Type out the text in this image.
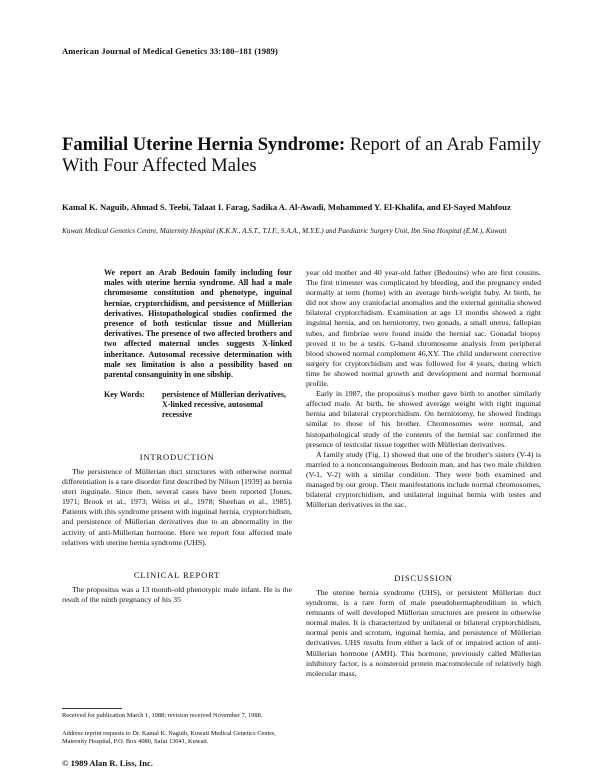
American Journal of Medical Genetics 33:180–181 (1989)
Familial Uterine Hernia Syndrome: Report of an Arab Family With Four Affected Males
Kamal K. Naguib, Ahmad S. Teebi, Talaat I. Farag, Sadika A. Al-Awadi, Mohammed Y. El-Khalifa, and El-Sayed Mahfouz
Kuwait Medical Genetics Centre, Maternity Hospital (K.K.N., A.S.T., T.I.F., S.A.A., M.Y.E.) and Paediatric Surgery Unit, Ibn Sina Hospital (E.M.), Kuwait
We report an Arab Bedouin family including four males with uterine hernia syndrome. All had a male chromosome constitution and phenotype, inguinal herniae, cryptorchidism, and persistence of Müllerian derivatives. Histopathological studies confirmed the presence of both testicular tissue and Müllerian derivatives. The presence of two affected brothers and two affected maternal uncles suggests X-linked inheritance. Autosomal recessive determination with male sex limitation is also a possibility based on parental consanguinity in one sibship.
Key Words: persistence of Müllerian derivatives, X-linked recessive, autosomal recessive
INTRODUCTION

The persistence of Müllerian duct structures with otherwise normal differentiation is a rare disorder first described by Nilson [1939] as hernia uteri inguinale. Since then, several cases have been reported [Jones, 1971; Brook et al., 1973; Weiss et al., 1978; Sheehan et al., 1985]. Patients with this syndrome present with inguinal hernia, cryptorchidism, and persistence of Müllerian derivatives due to an abnormality in the activity of anti-Müllerian hormone. Here we report four affected male relatives with uterine hernia syndrome (UHS).

CLINICAL REPORT

The propositus was a 13 month-old phenotypic male infant. He is the result of the ninth pregnancy of his 35

year old mother and 40 year-old father (Bedouins) who are first cousins. The first trimester was complicated by bleeding, and the pregnancy ended normally at term (home) with an average birth-weight baby. At birth, he did not show any craniofacial anomalies and the external genitalia showed bilateral cryptorchidism. Examination at age 13 months showed a right inguinal hernia, and on herniotomy, two gonads, a small uterus, fallopian tubes, and fimbriae were found inside the hernial sac. Gonadal biopsy proved it to be a testis. G-band chromosome analysis from peripheral blood showed normal complement 46,XY. The child underwent corrective surgery for cryptorchidism and was followed for 4 years, during which time he showed normal growth and development and normal hormonal profile.

Early in 1987, the propositus's mother gave birth to another similarly affected male. At birth, he showed average weight with right inguinal hernia and bilateral cryptorchidism. On herniotomy, he showed findings similar to those of his brother. Chromosomes were normal, and histopathological study of the contents of the hernial sac confirmed the presence of testicular tissue together with Müllerian derivatives.

A family study (Fig. 1) showed that one of the brother's sisters (V-4) is married to a nonconsanguineous Bedouin man, and has two male children (V-1, V-2) with a similar condition. They were both examined and managed by our group. Their manifestations include normal chromosomes, bilateral cryptorchidism, and unilateral inguinal hernia with testes and Müllerian derivatives in the sac.

DISCUSSION

The uterine hernia syndrome (UHS), or persistent Müllerian duct syndrome, is a rare form of male pseudohermaphroditism in which remnants of well developed Müllerian structures are present in otherwise normal males. It is characterized by unilateral or bilateral cryptorchidism, normal penis and scrotum, inguinal hernia, and persistence of Müllerian derivatives. UHS results from either a lack of or impaired action of anti-Müllerian hormone (AMH). This hormone, previously called Müllerian inhibitory factor, is a nonsteroid protein macromolecule of relatively high molecular mass,

Received for publication March 1, 1988; revision received November 7, 1988.
Address reprint requests to Dr. Kamal K. Naguib, Kuwait Medical Genetics Centre, Maternity Hospital, P.O. Box 4080, Safat 13041, Kuwait.
© 1989 Alan R. Liss, Inc.
